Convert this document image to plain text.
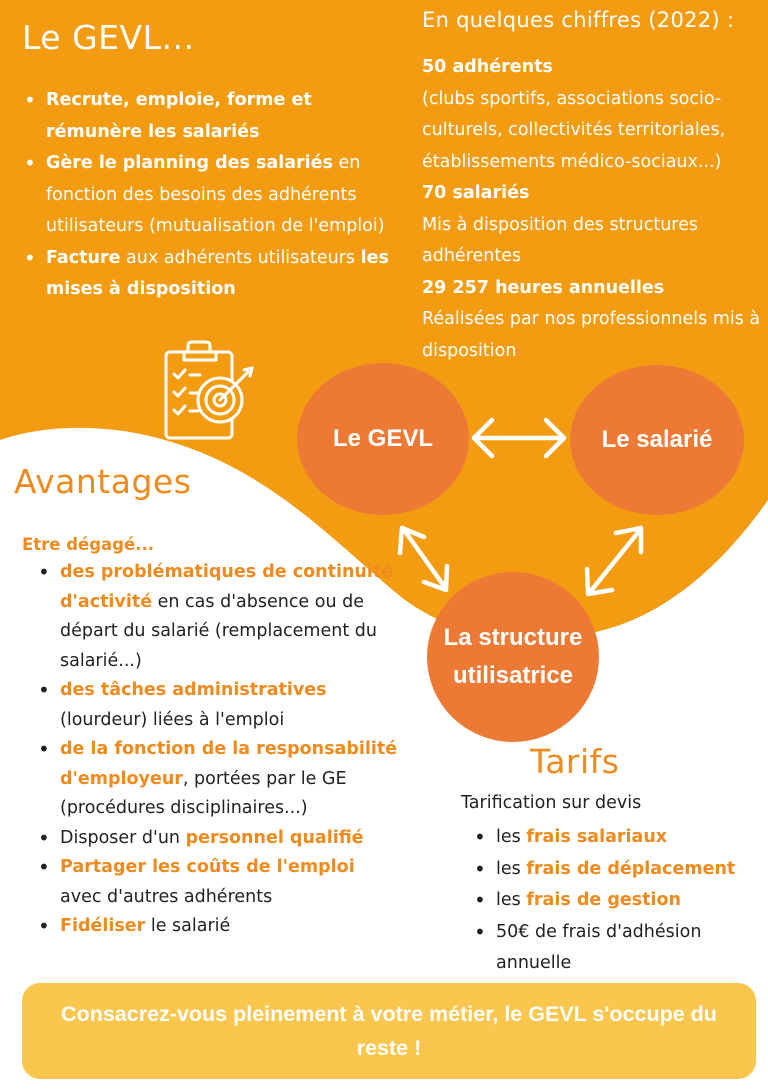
Le GEVL...
• Recrute, emploie, forme et rémunère les salariés
• Gère le planning des salariés en fonction des besoins des adhérents utilisateurs (mutualisation de l'emploi)
• Facture aux adhérents utilisateurs les mises à disposition
En quelques chiffres (2022) :
50 adhérents
(clubs sportifs, associations socio-culturels, collectivités territoriales, établissements médico-sociaux...)
70 salariés
Mis à disposition des structures adhérentes
29 257 heures annuelles
Réalisées par nos professionnels mis à disposition
Le GEVL	Le salarié
La structure utilisatrice
Avantages
Etre dégagé...
• des problématiques de continuité d'activité en cas d'absence ou de départ du salarié (remplacement du salarié...)
• des tâches administratives (lourdeur) liées à l'emploi
• de la fonction de la responsabilité d'employeur, portées par le GE (procédures disciplinaires...)
• Disposer d'un personnel qualifié
• Partager les coûts de l'emploi avec d'autres adhérents
• Fidéliser le salarié
Tarifs
Tarification sur devis
• les frais salariaux
• les frais de déplacement
• les frais de gestion
• 50€ de frais d'adhésion annuelle
Consacrez-vous pleinement à votre métier, le GEVL s'occupe du reste !
